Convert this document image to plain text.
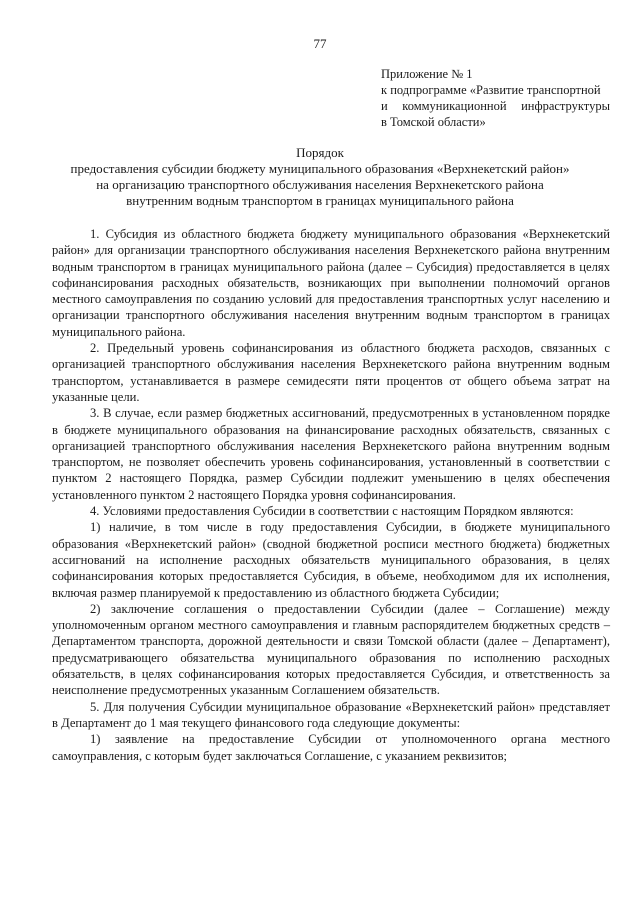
77
Приложение № 1
к подпрограмме «Развитие транспортной
и коммуникационной инфраструктуры
в Томской области»
Порядок
предоставления субсидии бюджету муниципального образования «Верхнекетский район»
на организацию транспортного обслуживания населения Верхнекетского района
внутренним водным транспортом в границах муниципального района

1. Субсидия из областного бюджета бюджету муниципального образования «Верхнекетский район» для организации транспортного обслуживания населения Верхнекетского района внутренним водным транспортом в границах муниципального района (далее – Субсидия) предоставляется в целях софинансирования расходных обязательств, возникающих при выполнении полномочий органов местного самоуправления по созданию условий для предоставления транспортных услуг населению и организации транспортного обслуживания населения внутренним водным транспортом в границах муниципального района.

2. Предельный уровень софинансирования из областного бюджета расходов, связанных с организацией транспортного обслуживания населения Верхнекетского района внутренним водным транспортом, устанавливается в размере семидесяти пяти процентов от общего объема затрат на указанные цели.

3. В случае, если размер бюджетных ассигнований, предусмотренных в установленном порядке в бюджете муниципального образования на финансирование расходных обязательств, связанных с организацией транспортного обслуживания населения Верхнекетского района внутренним водным транспортом, не позволяет обеспечить уровень софинансирования, установленный в соответствии с пунктом 2 настоящего Порядка, размер Субсидии подлежит уменьшению в целях обеспечения установленного пунктом 2 настоящего Порядка уровня софинансирования.

4. Условиями предоставления Субсидии в соответствии с настоящим Порядком являются:

1) наличие, в том числе в году предоставления Субсидии, в бюджете муниципального образования «Верхнекетский район» (сводной бюджетной росписи местного бюджета) бюджетных ассигнований на исполнение расходных обязательств муниципального образования, в целях софинансирования которых предоставляется Субсидия, в объеме, необходимом для их исполнения, включая размер планируемой к предоставлению из областного бюджета Субсидии;

2) заключение соглашения о предоставлении Субсидии (далее – Соглашение) между уполномоченным органом местного самоуправления и главным распорядителем бюджетных средств – Департаментом транспорта, дорожной деятельности и связи Томской области (далее – Департамент), предусматривающего обязательства муниципального образования по исполнению расходных обязательств, в целях софинансирования которых предоставляется Субсидия, и ответственность за неисполнение предусмотренных указанным Соглашением обязательств.

5. Для получения Субсидии муниципальное образование «Верхнекетский район» представляет в Департамент до 1 мая текущего финансового года следующие документы:

1) заявление на предоставление Субсидии от уполномоченного органа местного самоуправления, с которым будет заключаться Соглашение, с указанием реквизитов;
